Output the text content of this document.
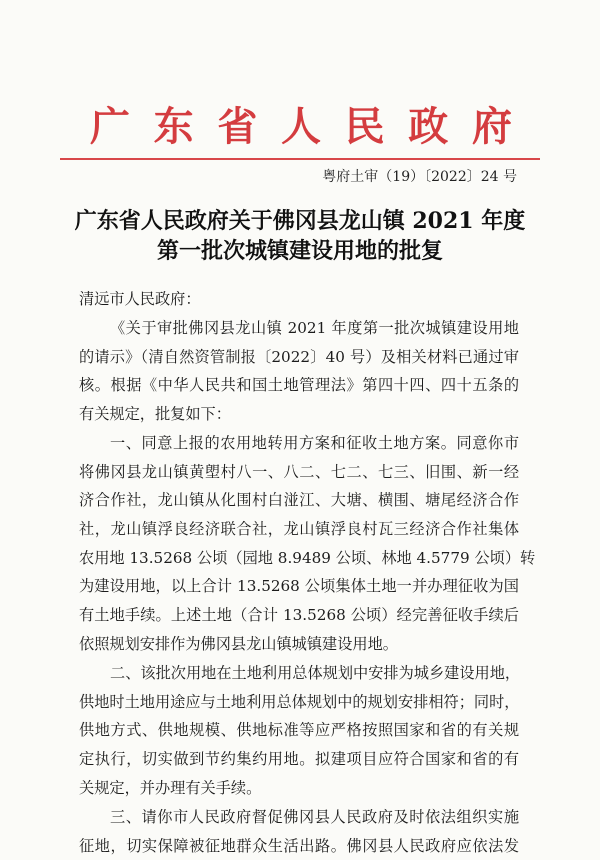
广 东 省 人 民 政 府
粤府土审（19）〔2022〕24 号
广东省人民政府关于佛冈县龙山镇 2021 年度
第一批次城镇建设用地的批复
清远市人民政府：
《关于审批佛冈县龙山镇 2021 年度第一批次城镇建设用地
的请示》（清自然资管制报〔2022〕40 号）及相关材料已通过审
核。根据《中华人民共和国土地管理法》第四十四、四十五条的
有关规定，批复如下：
一、同意上报的农用地转用方案和征收土地方案。同意你市
将佛冈县龙山镇黄塱村八一、八二、七二、七三、旧围、新一经
济合作社，龙山镇从化围村白湴江、大塘、横围、塘尾经济合作
社，龙山镇浮良经济联合社，龙山镇浮良村瓦三经济合作社集体
农用地 13.5268 公顷（园地 8.9489 公顷、林地 4.5779 公顷）转
为建设用地，以上合计 13.5268 公顷集体土地一并办理征收为国
有土地手续。上述土地（合计 13.5268 公顷）经完善征收手续后
依照规划安排作为佛冈县龙山镇城镇建设用地。
二、该批次用地在土地利用总体规划中安排为城乡建设用地，
供地时土地用途应与土地利用总体规划中的规划安排相符；同时，
供地方式、供地规模、供地标准等应严格按照国家和省的有关规
定执行，切实做到节约集约用地。拟建项目应符合国家和省的有
关规定，并办理有关手续。
三、请你市人民政府督促佛冈县人民政府及时依法组织实施
征地，切实保障被征地群众生活出路。佛冈县人民政府应依法发
